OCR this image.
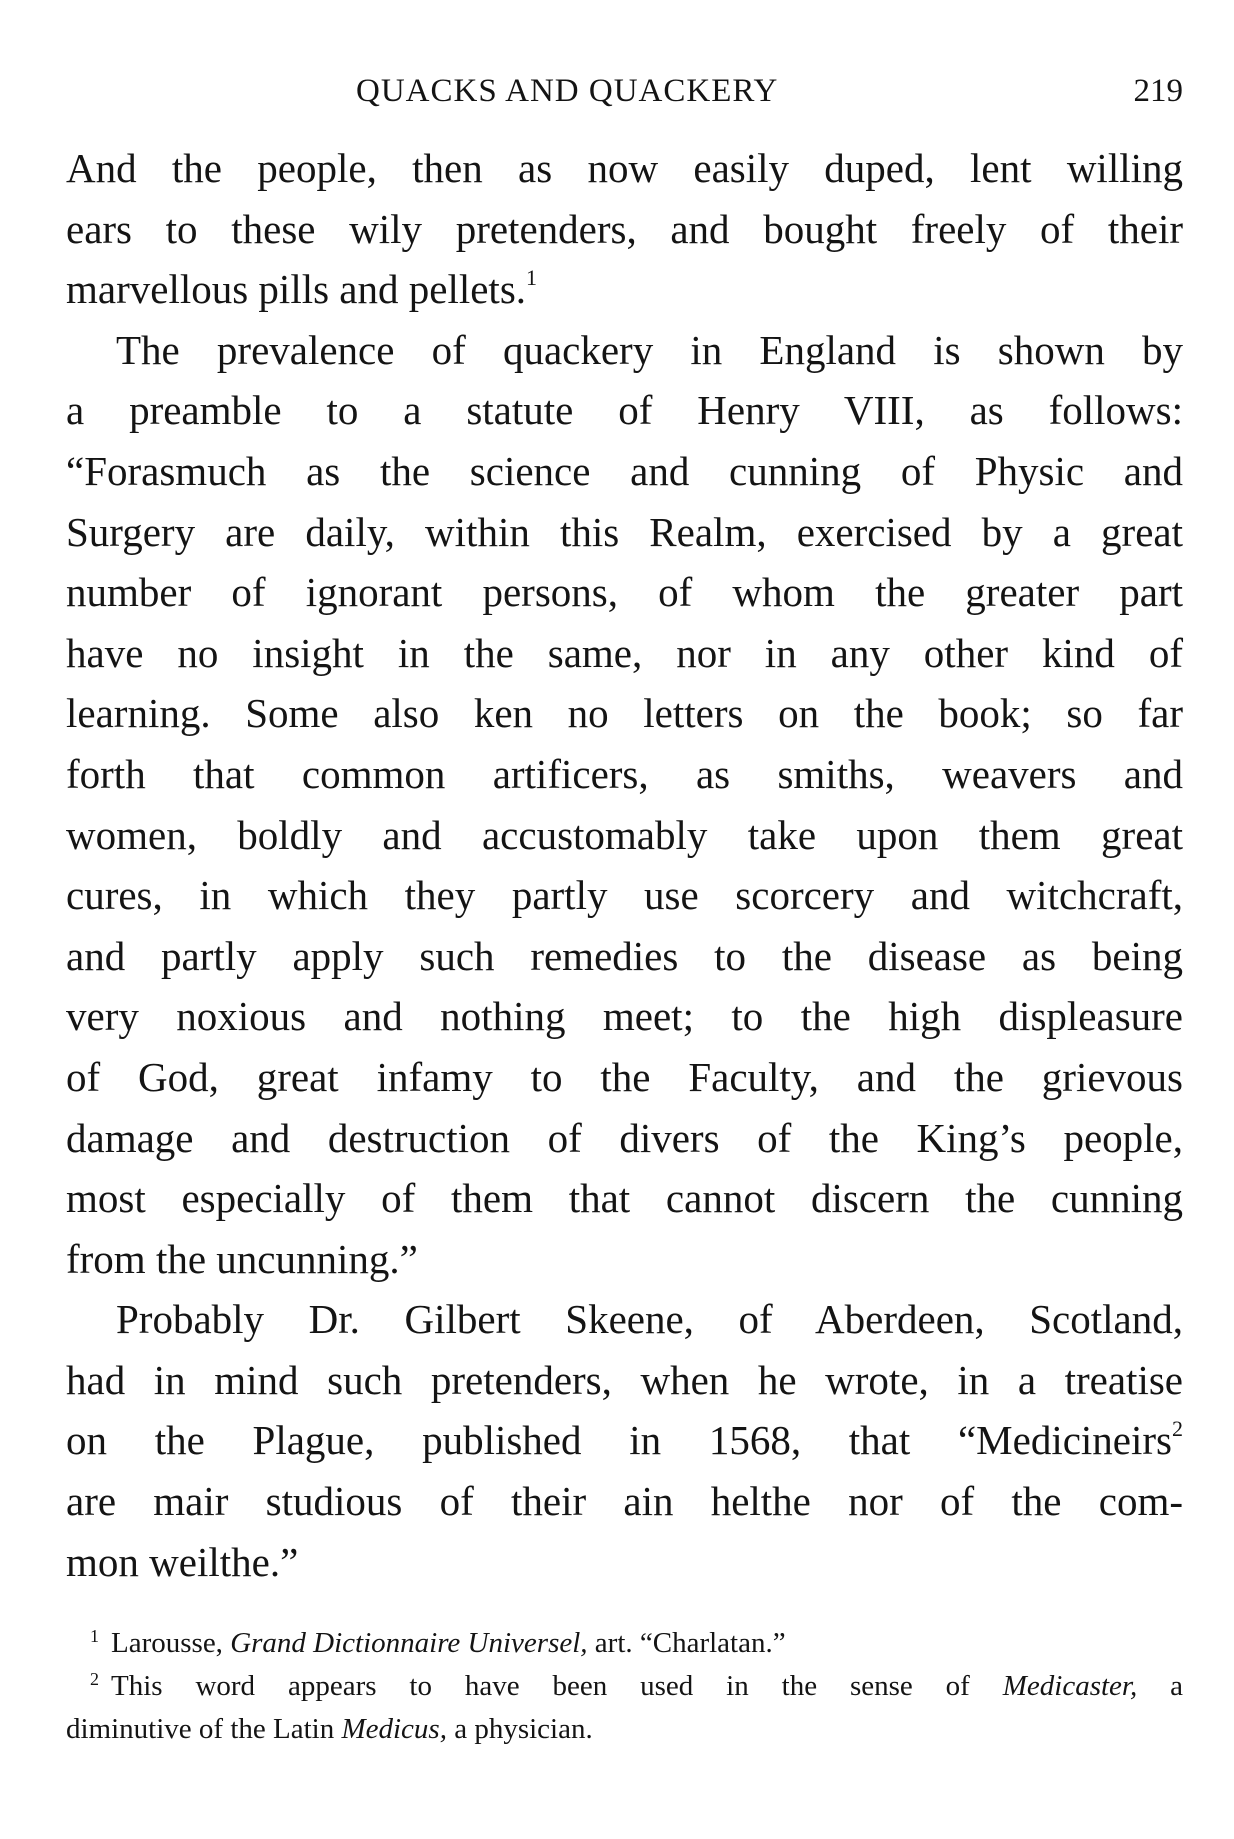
QUACKS AND QUACKERY	219
And the people, then as now easily duped, lent willing
ears to these wily pretenders, and bought freely of their
marvellous pills and pellets.$^1$
The prevalence of quackery in England is shown by
a preamble to a statute of Henry VIII, as follows:
“Forasmuch as the science and cunning of Physic and
Surgery are daily, within this Realm, exercised by a great
number of ignorant persons, of whom the greater part
have no insight in the same, nor in any other kind of
learning. Some also ken no letters on the book; so far
forth that common artificers, as smiths, weavers and
women, boldly and accustomably take upon them great
cures, in which they partly use scorcery and witchcraft,
and partly apply such remedies to the disease as being
very noxious and nothing meet; to the high displeasure
of God, great infamy to the Faculty, and the grievous
damage and destruction of divers of the King’s people,
most especially of them that cannot discern the cunning
from the uncunning.”
Probably Dr. Gilbert Skeene, of Aberdeen, Scotland,
had in mind such pretenders, when he wrote, in a treatise
on the Plague, published in 1568, that “Medicineirs$^2$
are mair studious of their ain helthe nor of the com-
mon weilthe.”
$^1$ Larousse, Grand Dictionnaire Universel, art. “Charlatan.”
$^2$ This word appears to have been used in the sense of Medicaster, a
diminutive of the Latin Medicus, a physician.
